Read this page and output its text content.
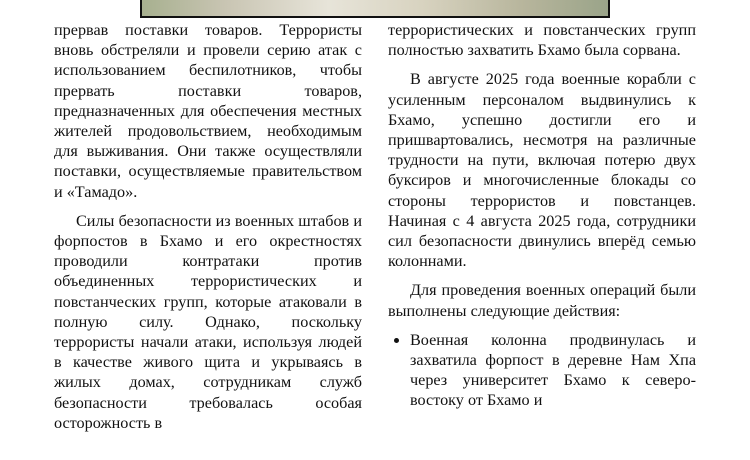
прервав поставки товаров. Террористы вновь обстреляли и провели серию атак с использованием беспилотников, чтобы прервать поставки товаров, предназначенных для обеспечения местных жителей продовольствием, необходимым для выживания. Они также осуществляли поставки, осуществляемые правительством и «Тамадо».

Силы безопасности из военных штабов и форпостов в Бхамо и его окрестностях проводили контратаки против объединенных террористических и повстанческих групп, которые атаковали в полную силу. Однако, поскольку террористы начали атаки, используя людей в качестве живого щита и укрываясь в жилых домах, сотрудникам служб безопасности требовалась особая осторожность в

террористических и повстанческих групп полностью захватить Бхамо была сорвана.

В августе 2025 года военные корабли с усиленным персоналом выдвинулись к Бхамо, успешно достигли его и пришвартовались, несмотря на различные трудности на пути, включая потерю двух буксиров и многочисленные блокады со стороны террористов и повстанцев. Начиная с 4 августа 2025 года, сотрудники сил безопасности двинулись вперёд семью колоннами.

Для проведения военных операций были выполнены следующие действия:

• Военная колонна продвинулась и захватила форпост в деревне Нам Хпа через университет Бхамо к северо-востоку от Бхамо и
